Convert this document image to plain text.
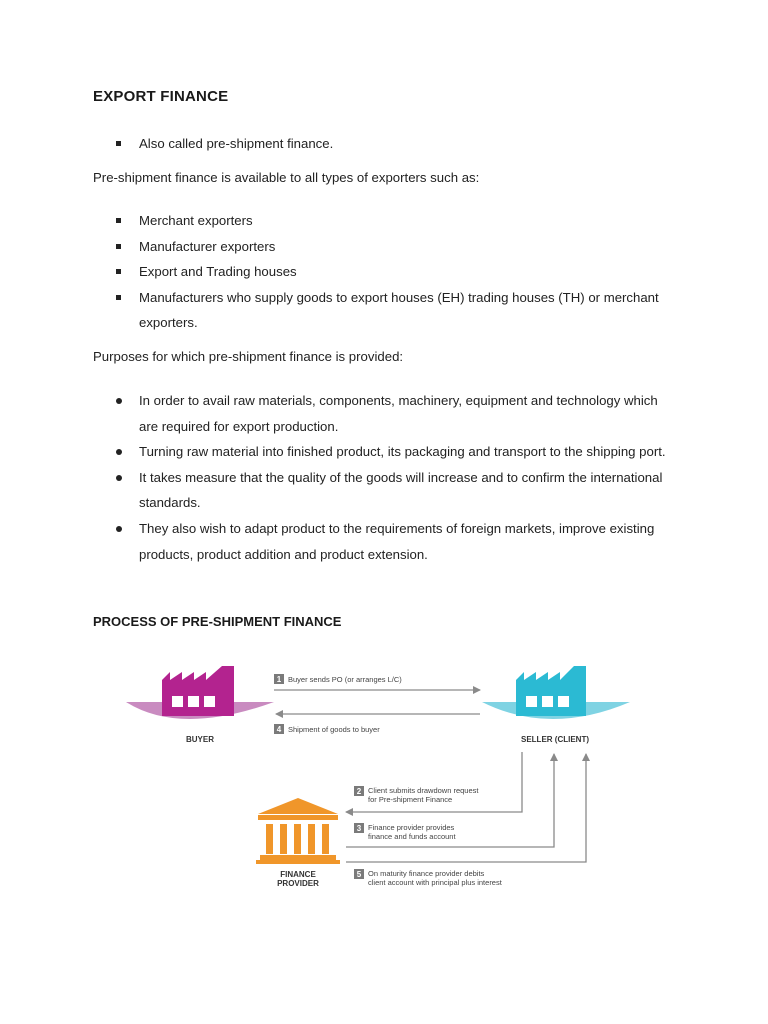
EXPORT FINANCE
Also called pre-shipment finance.
Pre-shipment finance is available to all types of exporters such as:
Merchant exporters
Manufacturer exporters
Export and Trading houses
Manufacturers who supply goods to export houses (EH) trading houses (TH) or merchant exporters.
Purposes for which pre-shipment finance is provided:
In order to avail raw materials, components, machinery, equipment and technology which are required for export production.
Turning raw material into finished product, its packaging and transport to the shipping port.
It takes measure that the quality of the goods will increase and to confirm the international standards.
They also wish to adapt product to the requirements of foreign markets, improve existing products, product addition and product extension.
PROCESS OF PRE-SHIPMENT FINANCE
BUYER	SELLER (CLIENT)
FINANCE
PROVIDER
1 Buyer sends PO (or arranges L/C)
4 Shipment of goods to buyer
2 Client submits drawdown request
for Pre-shipment Finance
3 Finance provider provides
finance and funds account
5 On maturity finance provider debits
client account with principal plus interest
